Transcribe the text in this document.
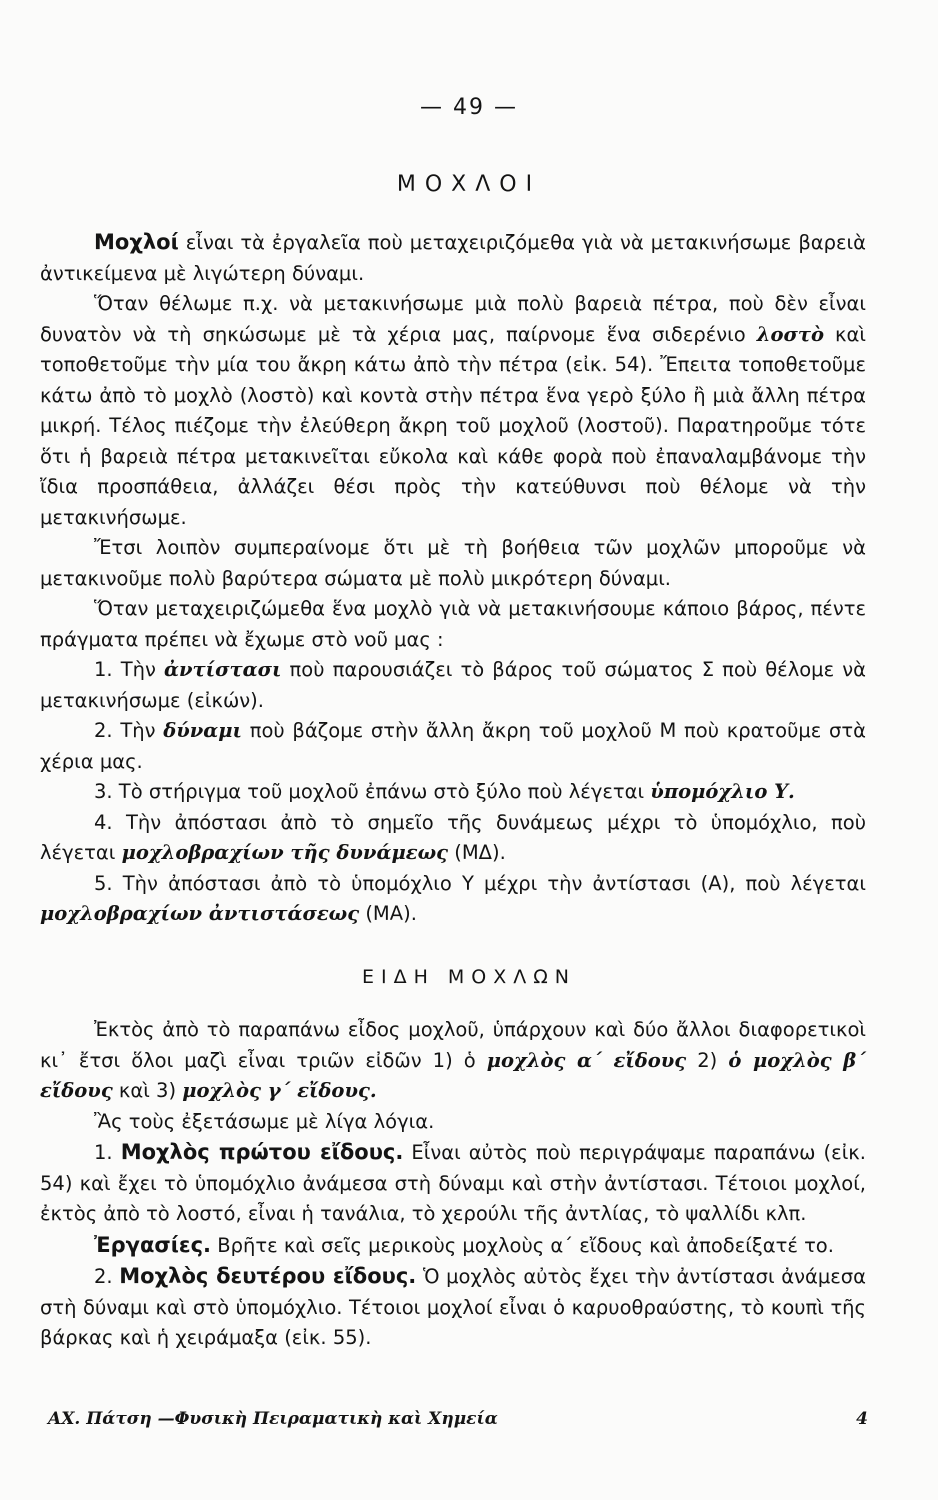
— 49 —
ΜΟΧΛΟΙ

Μοχλοί εἶναι τὰ ἐργαλεῖα ποὺ μεταχειριζόμεθα γιὰ νὰ μετακινήσωμε βαρειὰ ἀντικείμενα μὲ λιγώτερη δύναμι.

Ὅταν θέλωμε π.χ. νὰ μετακινήσωμε μιὰ πολὺ βαρειὰ πέτρα, ποὺ δὲν εἶναι δυνατὸν νὰ τὴ σηκώσωμε μὲ τὰ χέρια μας, παίρνομε ἕνα σιδερένιο λοστὸ καὶ τοποθετοῦμε τὴν μία του ἄκρη κάτω ἀπὸ τὴν πέτρα (εἰκ. 54). Ἔπειτα τοποθετοῦμε κάτω ἀπὸ τὸ μοχλὸ (λοστὸ) καὶ κοντὰ στὴν πέτρα ἕνα γερὸ ξύλο ἢ μιὰ ἄλλη πέτρα μικρή. Τέλος πιέζομε τὴν ἐλεύθερη ἄκρη τοῦ μοχλοῦ (λοστοῦ). Παρατηροῦμε τότε ὅτι ἡ βαρειὰ πέτρα μετακινεῖται εὔκολα καὶ κάθε φορὰ ποὺ ἐπαναλαμβάνομε τὴν ἴδια προσπάθεια, ἀλλάζει θέσι πρὸς τὴν κατεύθυνσι ποὺ θέλομε νὰ τὴν μετακινήσωμε.

Ἔτσι λοιπὸν συμπεραίνομε ὅτι μὲ τὴ βοήθεια τῶν μοχλῶν μποροῦμε νὰ μετακινοῦμε πολὺ βαρύτερα σώματα μὲ πολὺ μικρότερη δύναμι.

Ὅταν μεταχειριζώμεθα ἕνα μοχλὸ γιὰ νὰ μετακινήσουμε κάποιο βάρος, πέντε πράγματα πρέπει νὰ ἔχωμε στὸ νοῦ μας :

1. Τὴν ἀντίστασι ποὺ παρουσιάζει τὸ βάρος τοῦ σώματος Σ ποὺ θέλομε νὰ μετακινήσωμε (εἰκών).

2. Τὴν δύναμι ποὺ βάζομε στὴν ἄλλη ἄκρη τοῦ μοχλοῦ Μ ποὺ κρατοῦμε στὰ χέρια μας.

3. Τὸ στήριγμα τοῦ μοχλοῦ ἐπάνω στὸ ξύλο ποὺ λέγεται ὑπομόχλιο Υ.

4. Τὴν ἀπόστασι ἀπὸ τὸ σημεῖο τῆς δυνάμεως μέχρι τὸ ὑπομόχλιο, ποὺ λέγεται μοχλοβραχίων τῆς δυνάμεως (ΜΔ).

5. Τὴν ἀπόστασι ἀπὸ τὸ ὑπομόχλιο Υ μέχρι τὴν ἀντίστασι (Α), ποὺ λέγεται μοχλοβραχίων ἀντιστάσεως (ΜΑ).

ΕΙΔΗ ΜΟΧΛΩΝ

Ἐκτὸς ἀπὸ τὸ παραπάνω εἶδος μοχλοῦ, ὑπάρχουν καὶ δύο ἄλλοι διαφορετικοὶ κι᾽ ἔτσι ὅλοι μαζὶ εἶναι τριῶν εἰδῶν 1) ὁ μοχλὸς α΄ εἴδους 2) ὁ μοχλὸς β΄ εἴδους καὶ 3) μοχλὸς γ΄ εἴδους.

Ἂς τοὺς ἐξετάσωμε μὲ λίγα λόγια.

1. Μοχλὸς πρώτου εἴδους. Εἶναι αὐτὸς ποὺ περιγράψαμε παραπάνω (εἰκ. 54) καὶ ἔχει τὸ ὑπομόχλιο ἀνάμεσα στὴ δύναμι καὶ στὴν ἀντίστασι. Τέτοιοι μοχλοί, ἐκτὸς ἀπὸ τὸ λοστό, εἶναι ἡ τανάλια, τὸ χερούλι τῆς ἀντλίας, τὸ ψαλλίδι κλπ.

Ἐργασίες. Βρῆτε καὶ σεῖς μερικοὺς μοχλοὺς α΄ εἴδους καὶ ἀποδείξατέ το.

2. Μοχλὸς δευτέρου εἴδους. Ὁ μοχλὸς αὐτὸς ἔχει τὴν ἀντίστασι ἀνάμεσα στὴ δύναμι καὶ στὸ ὑπομόχλιο. Τέτοιοι μοχλοί εἶναι ὁ καρυοθραύστης, τὸ κουπὶ τῆς βάρκας καὶ ἡ χειράμαξα (εἰκ. 55).

ΑΧ. Πάτση —Φυσικὴ Πειραματικὴ καὶ Χημεία	4
